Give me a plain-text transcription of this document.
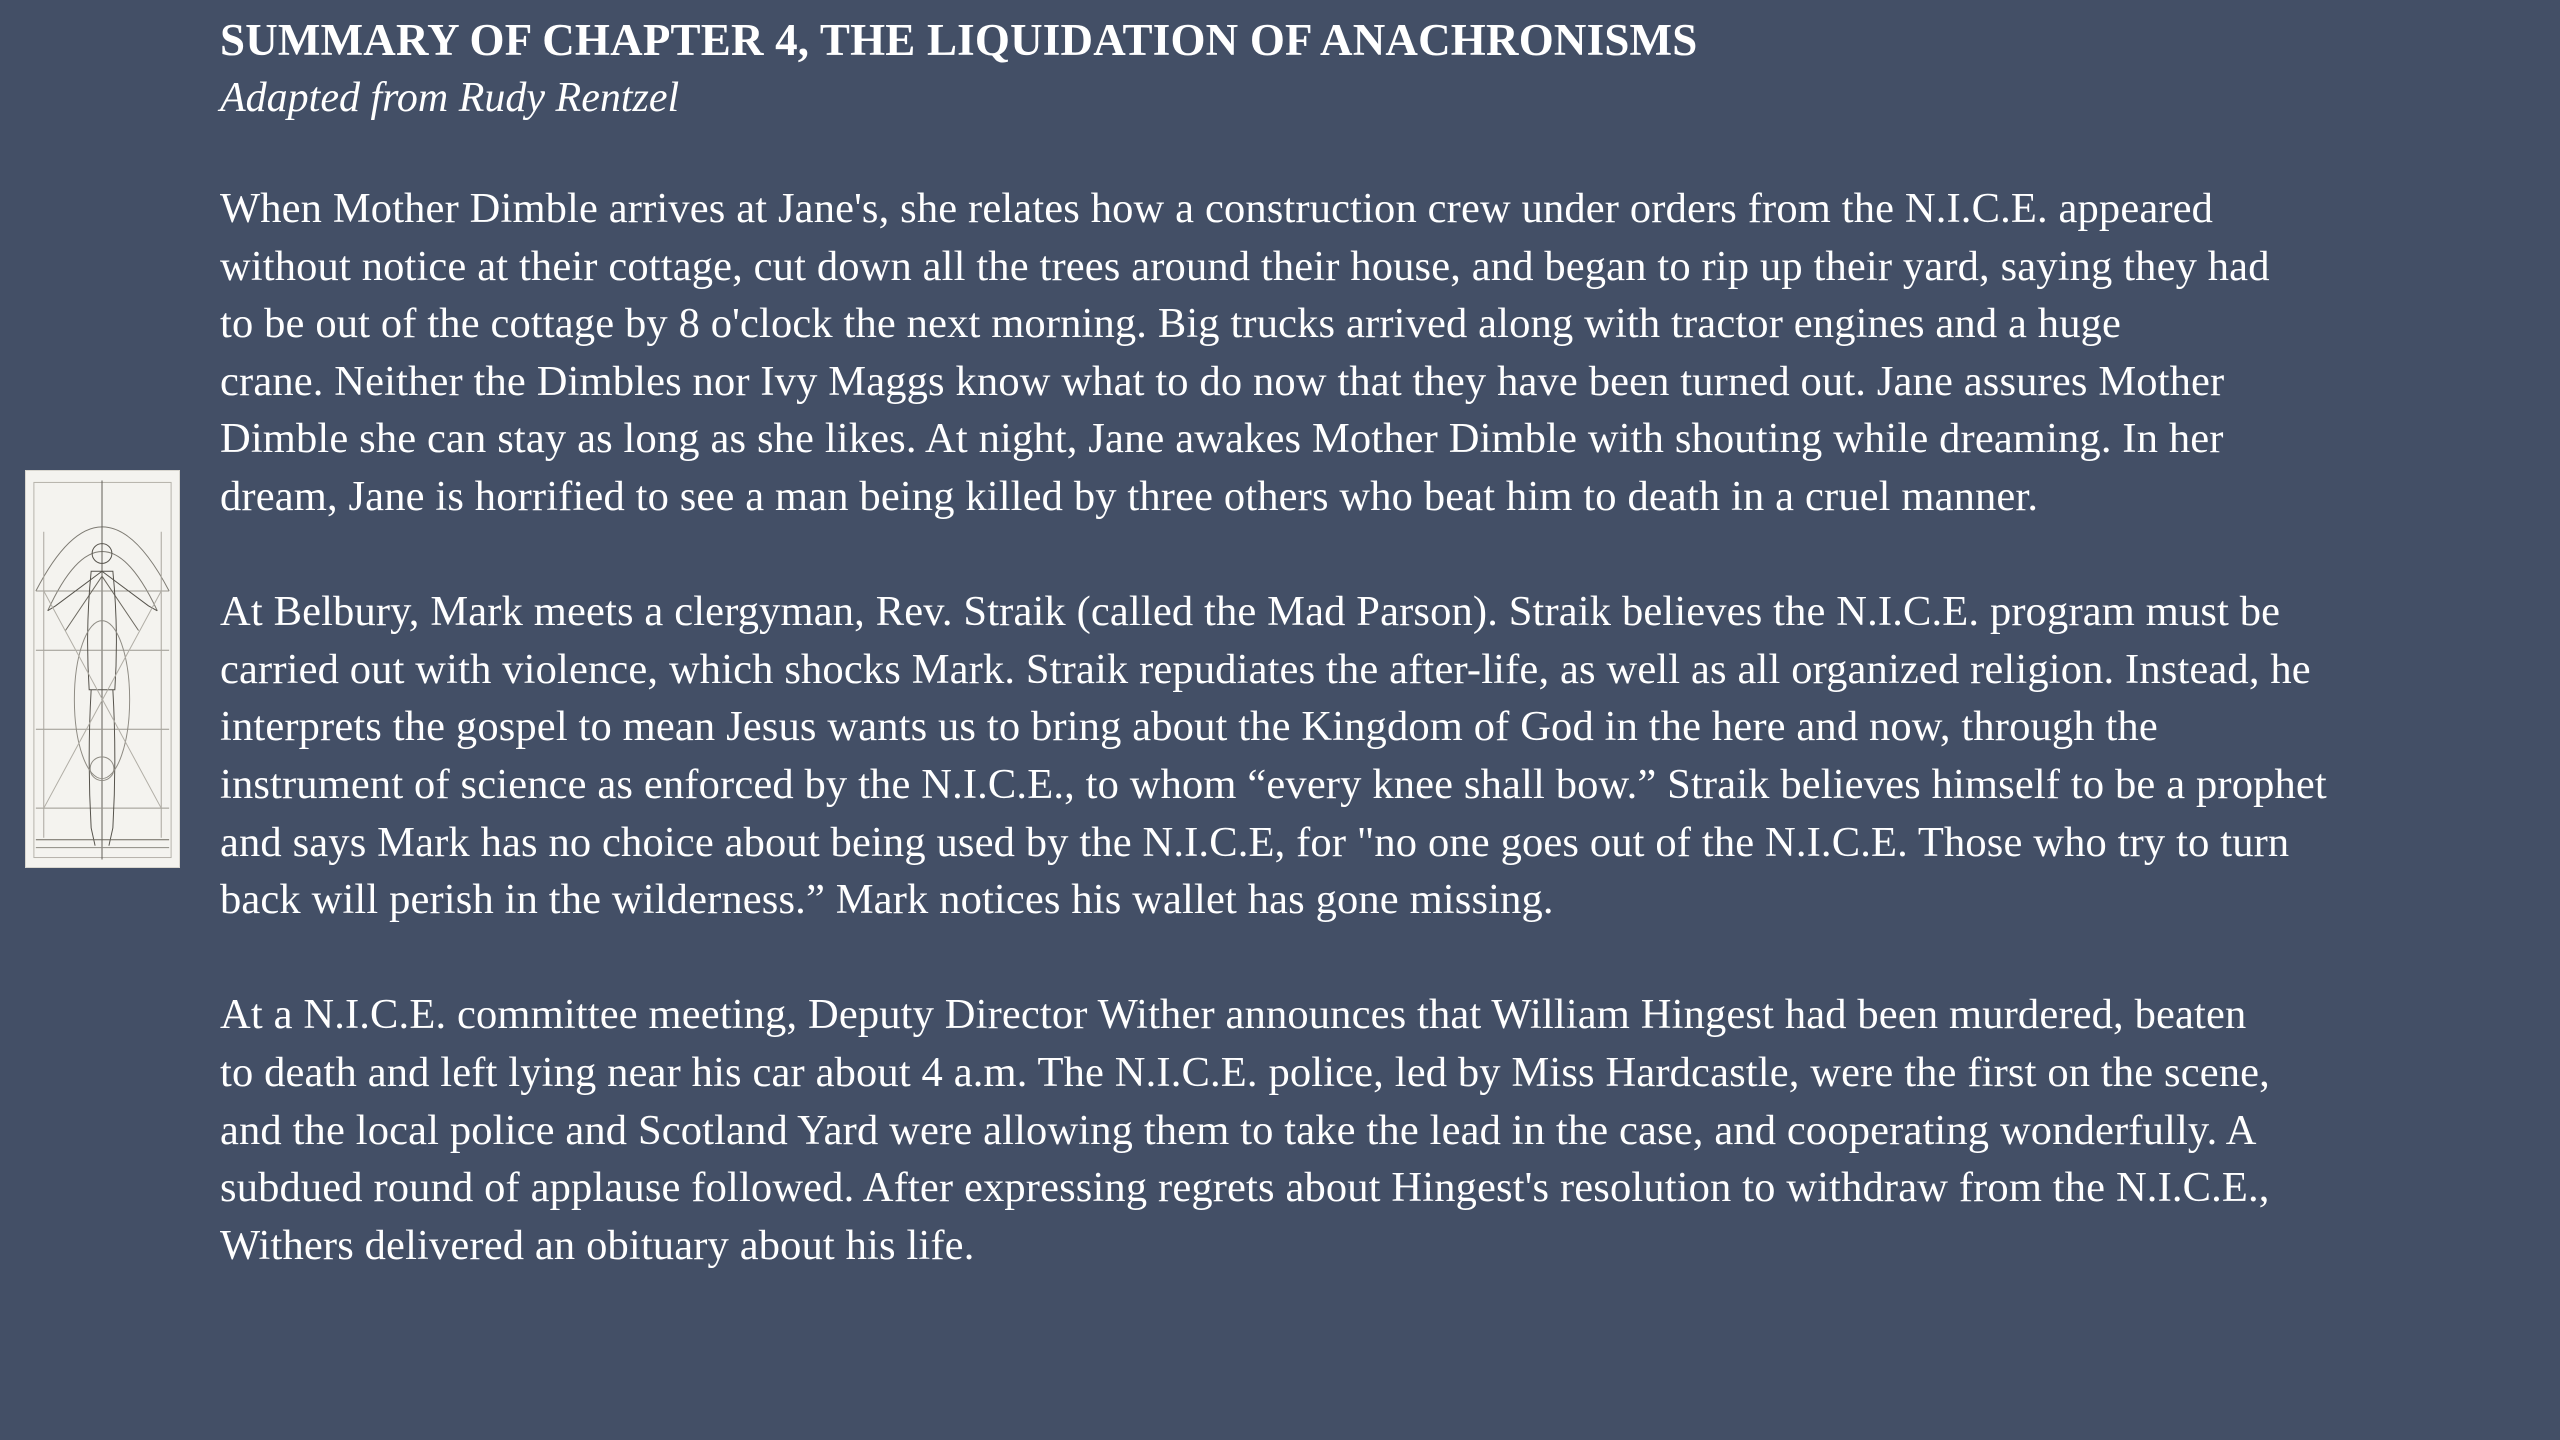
SUMMARY OF CHAPTER 4, THE LIQUIDATION OF ANACHRONISMS
Adapted from Rudy Rentzel

When Mother Dimble arrives at Jane's, she relates how a construction crew under orders from the N.I.C.E. appeared
without notice at their cottage, cut down all the trees around their house, and began to rip up their yard, saying they had
to be out of the cottage by 8 o'clock the next morning. Big trucks arrived along with tractor engines and a huge
crane. Neither the Dimbles nor Ivy Maggs know what to do now that they have been turned out. Jane assures Mother
Dimble she can stay as long as she likes. At night, Jane awakes Mother Dimble with shouting while dreaming. In her
dream, Jane is horrified to see a man being killed by three others who beat him to death in a cruel manner.

At Belbury, Mark meets a clergyman, Rev. Straik (called the Mad Parson). Straik believes the N.I.C.E. program must be
carried out with violence, which shocks Mark. Straik repudiates the after-life, as well as all organized religion. Instead, he
interprets the gospel to mean Jesus wants us to bring about the Kingdom of God in the here and now, through the
instrument of science as enforced by the N.I.C.E., to whom “every knee shall bow.” Straik believes himself to be a prophet
and says Mark has no choice about being used by the N.I.C.E, for "no one goes out of the N.I.C.E. Those who try to turn
back will perish in the wilderness.” Mark notices his wallet has gone missing.

At a N.I.C.E. committee meeting, Deputy Director Wither announces that William Hingest had been murdered, beaten
to death and left lying near his car about 4 a.m. The N.I.C.E. police, led by Miss Hardcastle, were the first on the scene,
and the local police and Scotland Yard were allowing them to take the lead in the case, and cooperating wonderfully. A
subdued round of applause followed. After expressing regrets about Hingest's resolution to withdraw from the N.I.C.E.,
Withers delivered an obituary about his life.
